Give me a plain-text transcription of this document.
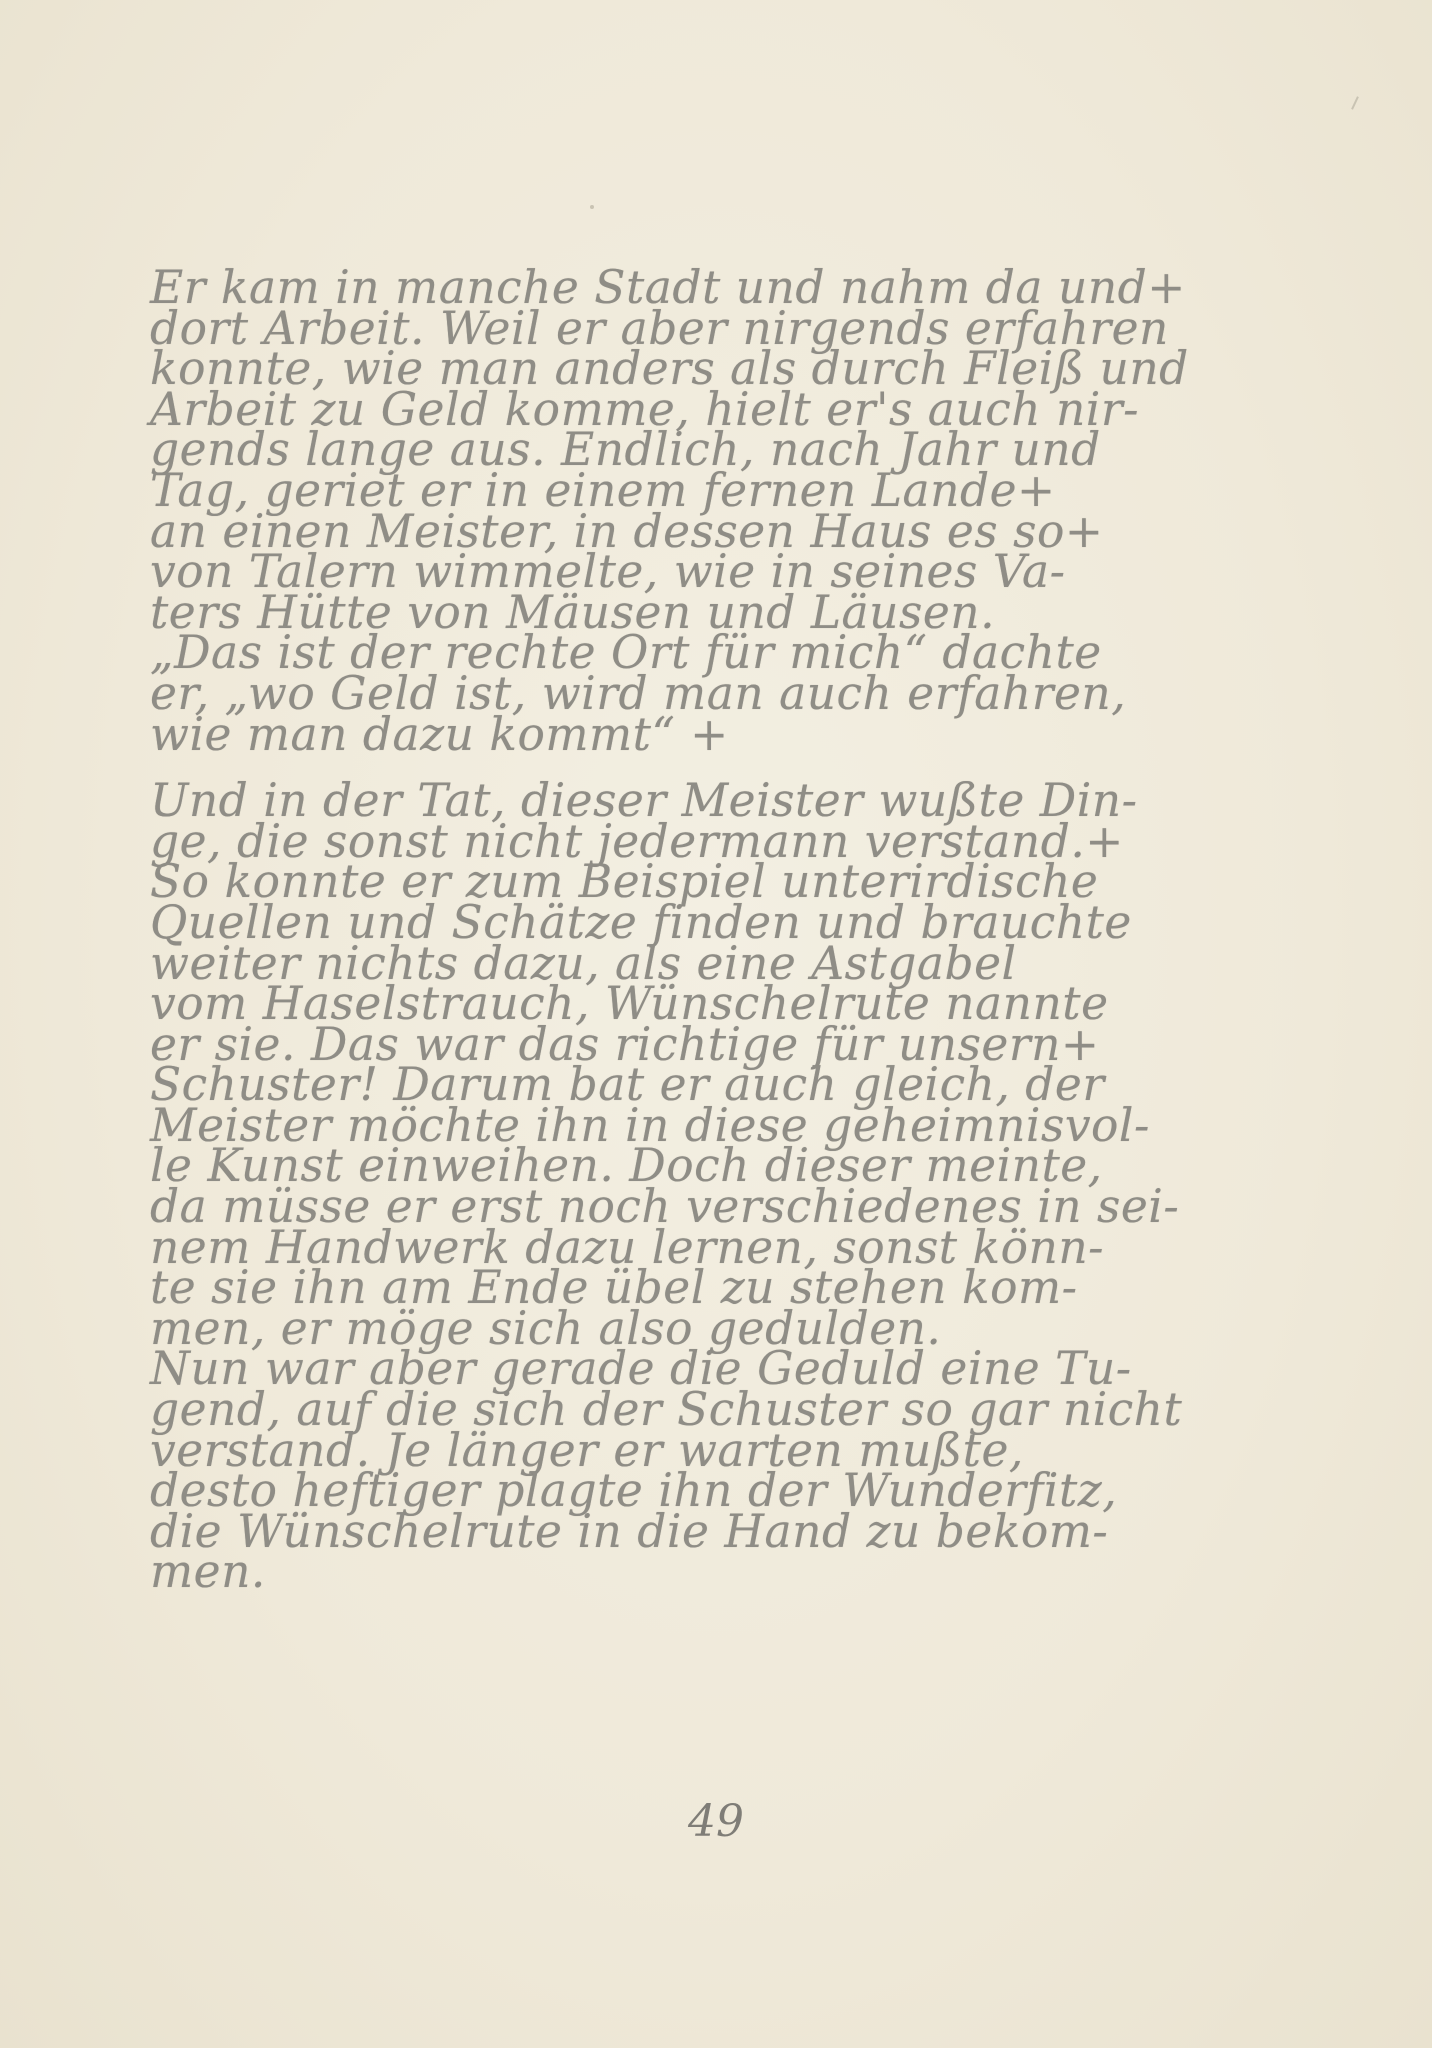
Er kam in manche Stadt und nahm da und+
dort Arbeit. Weil er aber nirgends erfahren
konnte, wie man anders als durch Fleiß und
Arbeit zu Geld komme, hielt er's auch nir-
gends lange aus. Endlich, nach Jahr und
Tag, geriet er in einem fernen Lande+
an einen Meister, in dessen Haus es so+
von Talern wimmelte, wie in seines Va-
ters Hütte von Mäusen und Läusen.
„Das ist der rechte Ort für mich“ dachte
er, „wo Geld ist, wird man auch erfahren,
wie man dazu kommt“ +
Und in der Tat, dieser Meister wußte Din-
ge, die sonst nicht jedermann verstand.+
So konnte er zum Beispiel unterirdische
Quellen und Schätze finden und brauchte
weiter nichts dazu, als eine Astgabel
vom Haselstrauch, Wünschelrute nannte
er sie. Das war das richtige für unsern+
Schuster! Darum bat er auch gleich, der
Meister möchte ihn in diese geheimnisvol-
le Kunst einweihen. Doch dieser meinte,
da müsse er erst noch verschiedenes in sei-
nem Handwerk dazu lernen, sonst könn-
te sie ihn am Ende übel zu stehen kom-
men, er möge sich also gedulden.
Nun war aber gerade die Geduld eine Tu-
gend, auf die sich der Schuster so gar nicht
verstand. Je länger er warten mußte,
desto heftiger plagte ihn der Wunderfitz,
die Wünschelrute in die Hand zu bekom-
men.
49
